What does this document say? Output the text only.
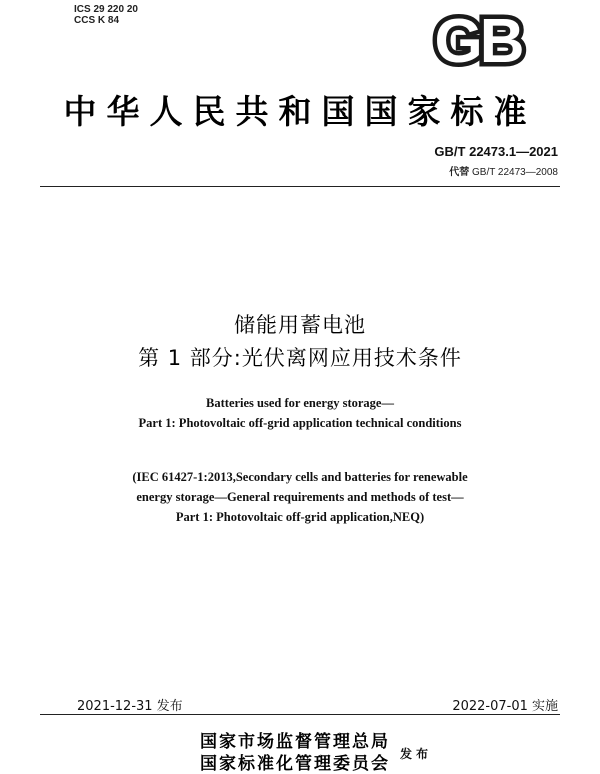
ICS 29 220 20
CCS K 84	GB
中华人民共和国国家标准
GB/T 22473.1—2021
代替 GB/T 22473—2008
储能用蓄电池
第 1 部分:光伏离网应用技术条件
Batteries used for energy storage—
Part 1: Photovoltaic off-grid application technical conditions
(IEC 61427-1:2013,Secondary cells and batteries for renewable
energy storage—General requirements and methods of test—
Part 1: Photovoltaic off-grid application,NEQ)
2021-12-31 发布	2022-07-01 实施
国家市场监督管理总局
国家标准化管理委员会 发布
